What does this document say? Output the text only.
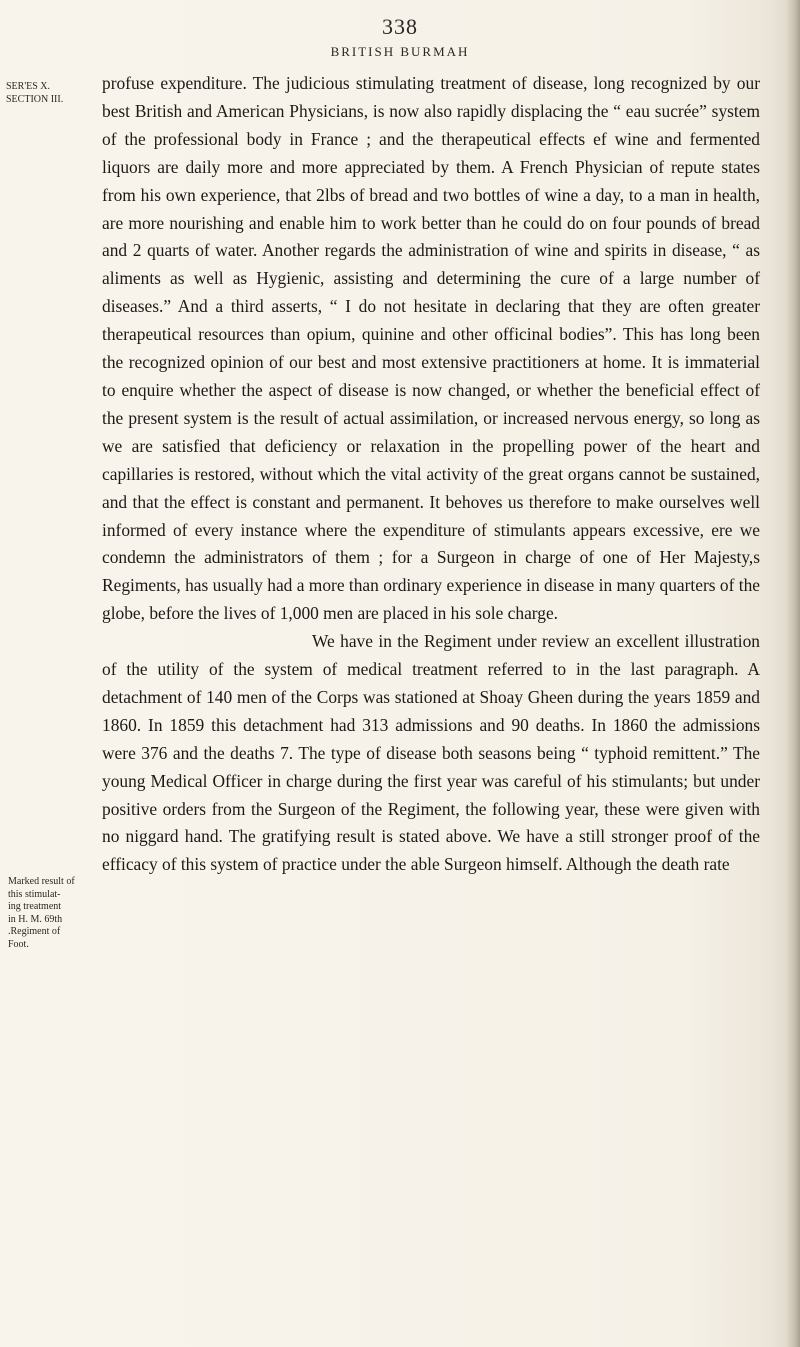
338
BRITISH BURMAH
SER'ES X.
SECTION III.

profuse expenditure. The judicious stimulating treatment of disease, long recognized by our best British and American Physicians, is now also rapidly displacing the “ eau sucrée” system of the professional body in France ; and the therapeutical effects ef wine and fermented liquors are daily more and more appreciated by them. A French Physician of repute states from his own experience, that 2lbs of bread and two bottles of wine a day, to a man in health, are more nourishing and enable him to work better than he could do on four pounds of bread and 2 quarts of water. Another regards the administration of wine and spirits in disease, “ as aliments as well as Hygienic, assisting and determining the cure of a large number of diseases.” And a third asserts, “ I do not hesitate in declaring that they are often greater therapeutical resources than opium, quinine and other officinal bodies”. This has long been the recognized opinion of our best and most extensive practitioners at home. It is immaterial to enquire whether the aspect of disease is now changed, or whether the beneficial effect of the present system is the result of actual assimilation, or increased nervous energy, so long as we are satisfied that deficiency or relaxation in the propelling power of the heart and capillaries is restored, without which the vital activity of the great organs cannot be sustained, and that the effect is constant and permanent. It behoves us therefore to make ourselves well informed of every instance where the expenditure of stimulants appears excessive, ere we condemn the administrators of them ; for a Surgeon in charge of one of Her Majesty,s Regiments, has usually had a more than ordinary experience in disease in many quarters of the globe, before the lives of 1,000 men are placed in his sole charge.

We have in the Regiment under review an excellent illustration of the utility of the system of medical treatment referred to in the last paragraph. A detachment of 140 men of the Corps was stationed at Shoay Gheen during the years 1859 and 1860. In 1859 this detachment had 313 admissions and 90 deaths. In 1860 the admissions were 376 and the deaths 7. The type of disease both seasons being “ typhoid remittent.” The young Medical Officer in charge during the first year was careful of his stimulants; but under positive orders from the Surgeon of the Regiment, the following year, these were given with no niggard hand. The gratifying result is stated above. We have a still stronger proof of the efficacy of this system of practice under the able Surgeon himself. Although the death rate

Marked result of
this stimulat-
ing treatment
in H. M. 69th
.Regiment of
Foot.
